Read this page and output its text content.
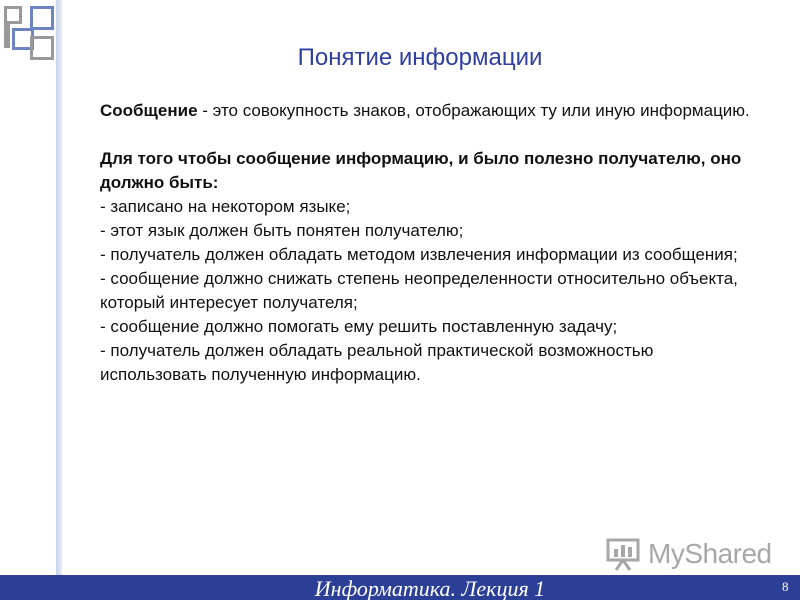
Понятие информации

Сообщение - это совокупность знаков, отображающих ту или иную информацию.

Для того чтобы сообщение информацию, и было полезно получателю, оно должно быть:
- записано на некотором языке;
- этот язык должен быть понятен получателю;
- получатель должен обладать методом извлечения информации из сообщения;
- сообщение должно снижать степень неопределенности относительно объекта, который интересует получателя;
- сообщение должно помогать ему решить поставленную задачу;
- получатель должен обладать реальной практической возможностью использовать полученную информацию.
MyShared
Информатика. Лекция 1	8
